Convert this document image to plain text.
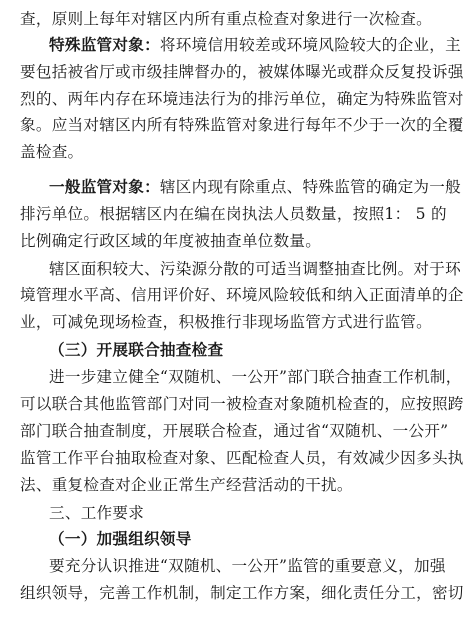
查，原则上每年对辖区内所有重点检查对象进行一次检查。
特殊监管对象：将环境信用较差或环境风险较大的企业，主
要包括被省厅或市级挂牌督办的，被媒体曝光或群众反复投诉强
烈的、两年内存在环境违法行为的排污单位，确定为特殊监管对
象。应当对辖区内所有特殊监管对象进行每年不少于一次的全覆
盖检查。
一般监管对象：辖区内现有除重点、特殊监管的确定为一般
排污单位。根据辖区内在编在岗执法人员数量，按照1： 5 的
比例确定行政区域的年度被抽查单位数量。
辖区面积较大、污染源分散的可适当调整抽查比例。对于环
境管理水平高、信用评价好、环境风险较低和纳入正面清单的企
业，可减免现场检查，积极推行非现场监管方式进行监管。
（三）开展联合抽查检查
进一步建立健全“双随机、一公开”部门联合抽查工作机制，
可以联合其他监管部门对同一被检查对象随机检查的，应按照跨
部门联合抽查制度，开展联合检查，通过省“双随机、一公开”
监管工作平台抽取检查对象、匹配检查人员，有效减少因多头执
法、重复检查对企业正常生产经营活动的干扰。
三、工作要求
（一）加强组织领导
要充分认识推进“双随机、一公开”监管的重要意义，加强
组织领导，完善工作机制，制定工作方案，细化责任分工，密切
